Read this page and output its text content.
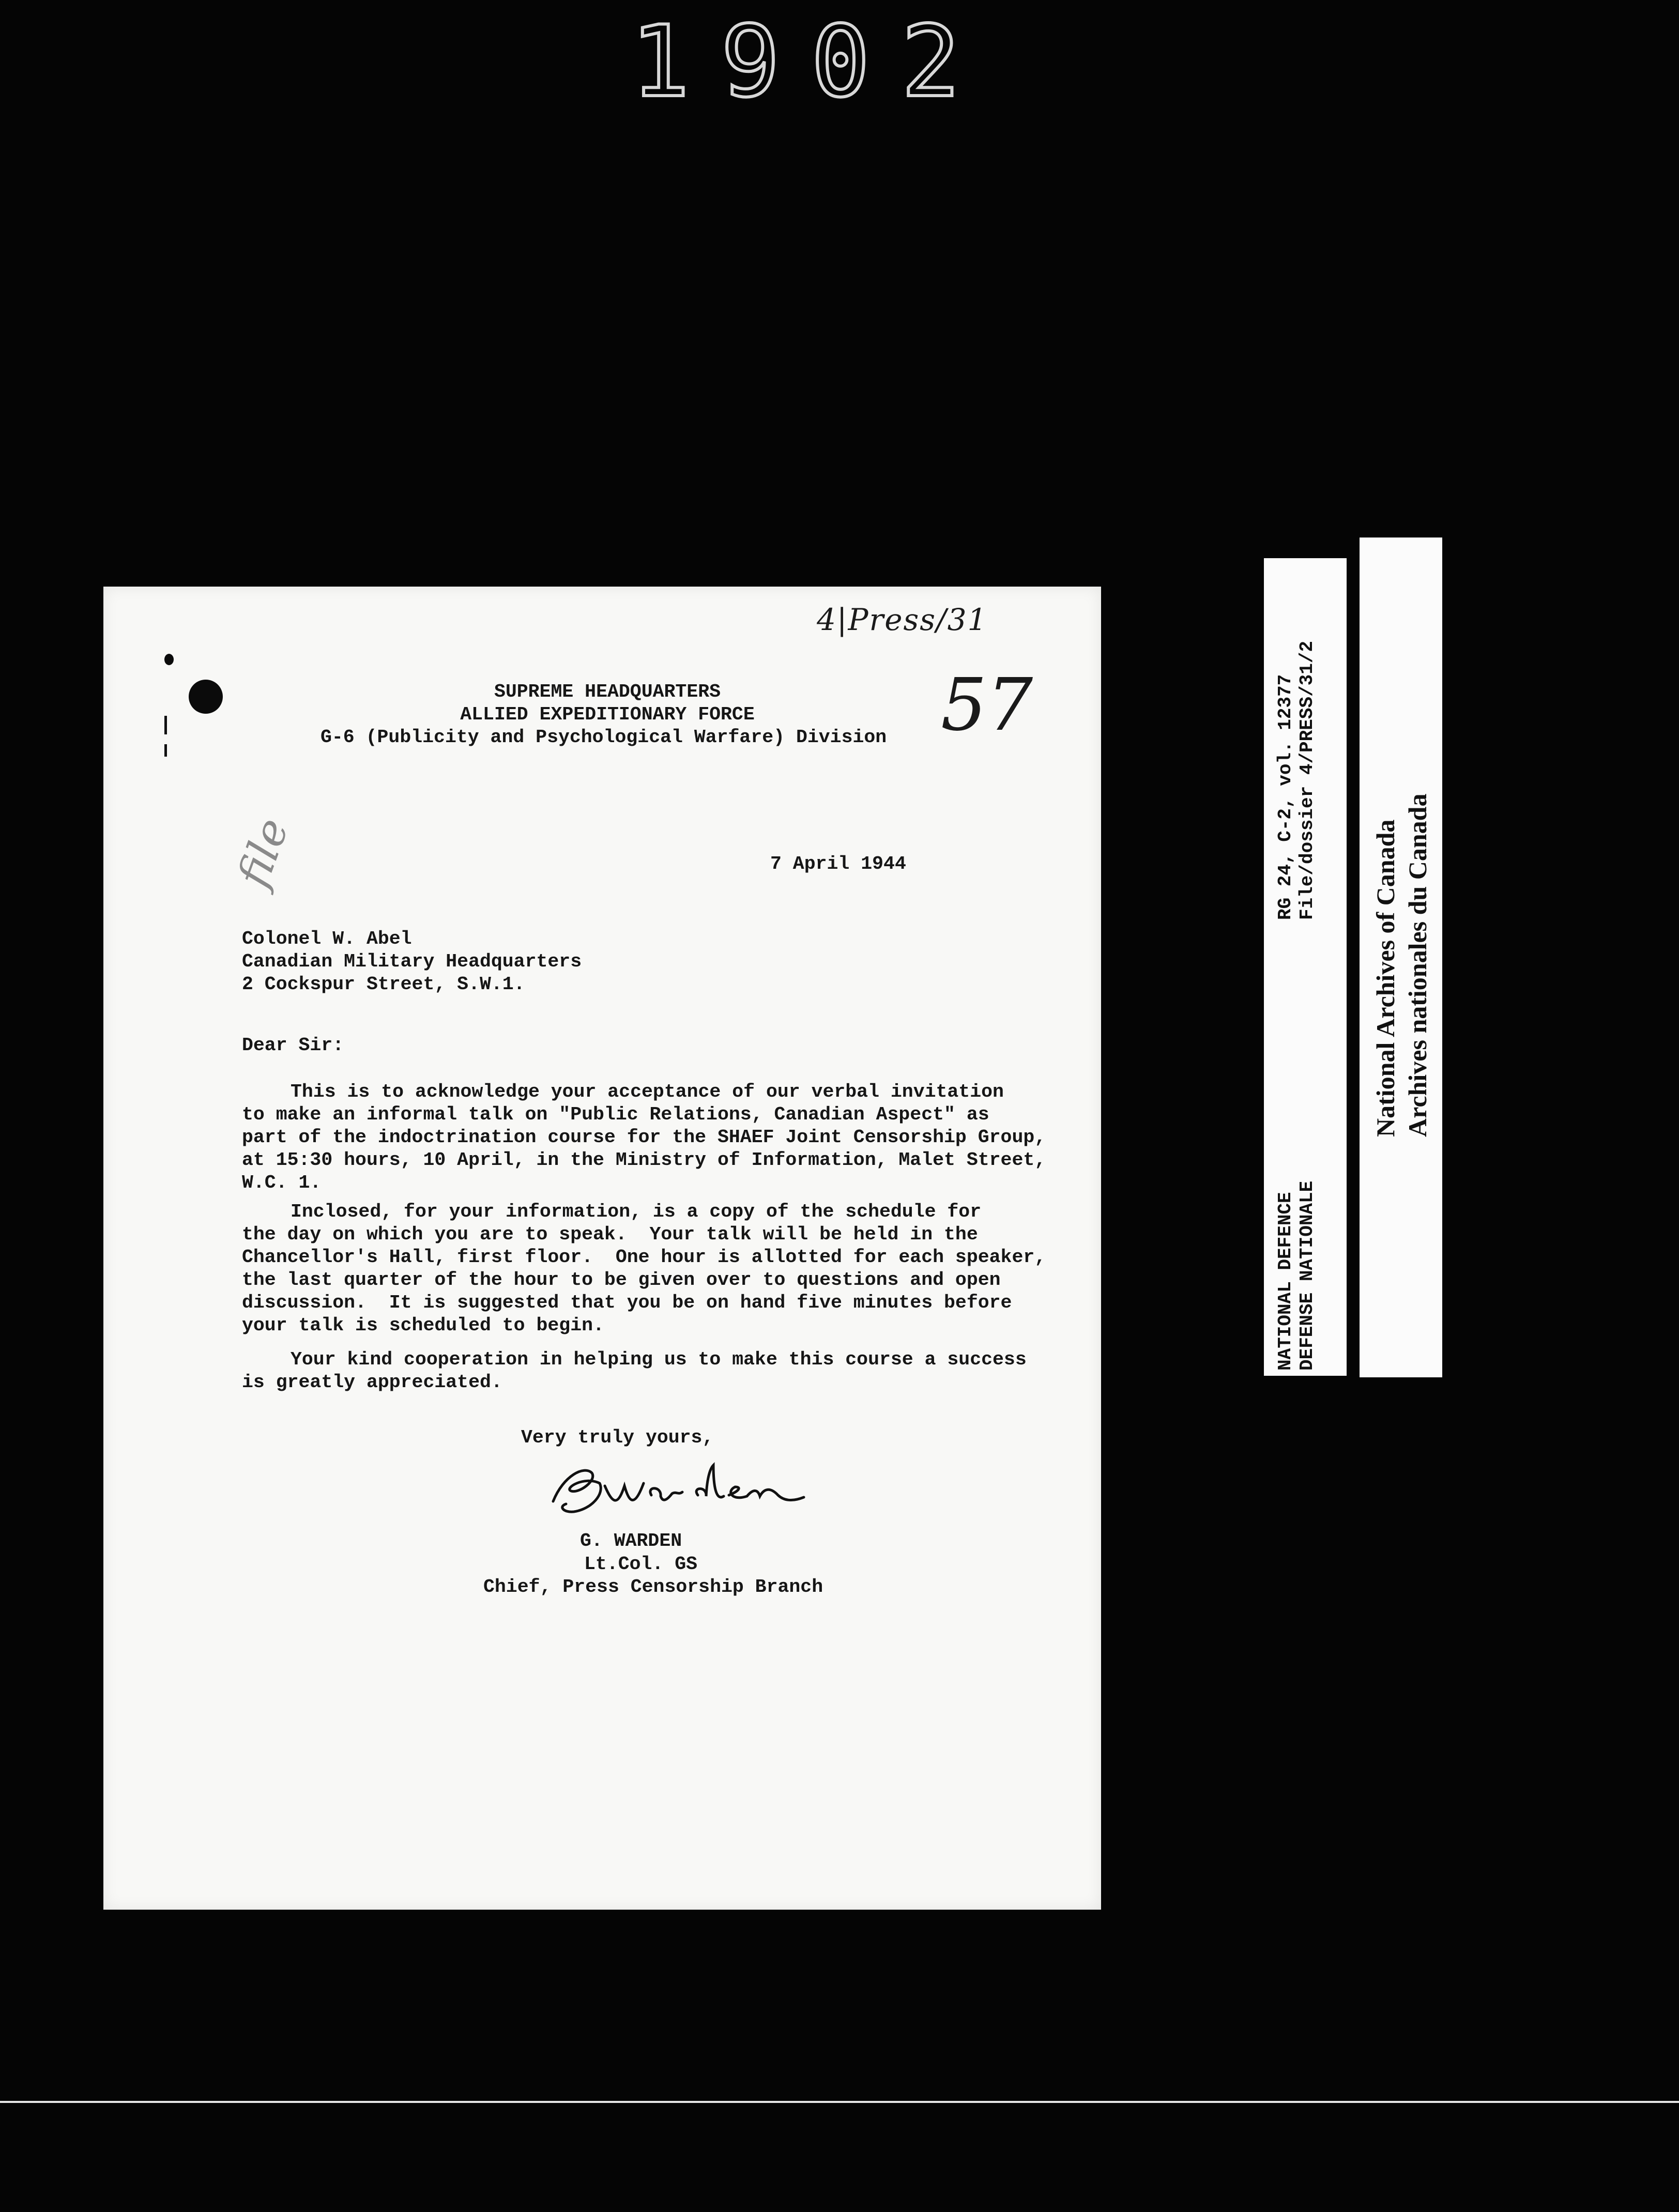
1902
4|Press/31
57
file
SUPREME HEADQUARTERS
ALLIED EXPEDITIONARY FORCE
G-6 (Publicity and Psychological Warfare) Division
7 April 1944
Colonel W. Abel
Canadian Military Headquarters
2 Cockspur Street, S.W.1.
Dear Sir:
This is to acknowledge your acceptance of our verbal invitation
to make an informal talk on "Public Relations, Canadian Aspect" as
part of the indoctrination course for the SHAEF Joint Censorship Group,
at 15:30 hours, 10 April, in the Ministry of Information, Malet Street,
W.C. 1.
Inclosed, for your information, is a copy of the schedule for
the day on which you are to speak.  Your talk will be held in the
Chancellor's Hall, first floor.  One hour is allotted for each speaker,
the last quarter of the hour to be given over to questions and open
discussion.  It is suggested that you be on hand five minutes before
your talk is scheduled to begin.
Your kind cooperation in helping us to make this course a success
is greatly appreciated.
Very truly yours,
G. WARDEN
Lt.Col. GS
Chief, Press Censorship Branch
NATIONAL DEFENCE DEFENSE NATIONALE
RG 24, C-2, vol. 12377 File/dossier 4/PRESS/31/2
National Archives of Canada Archives nationales du Canada
